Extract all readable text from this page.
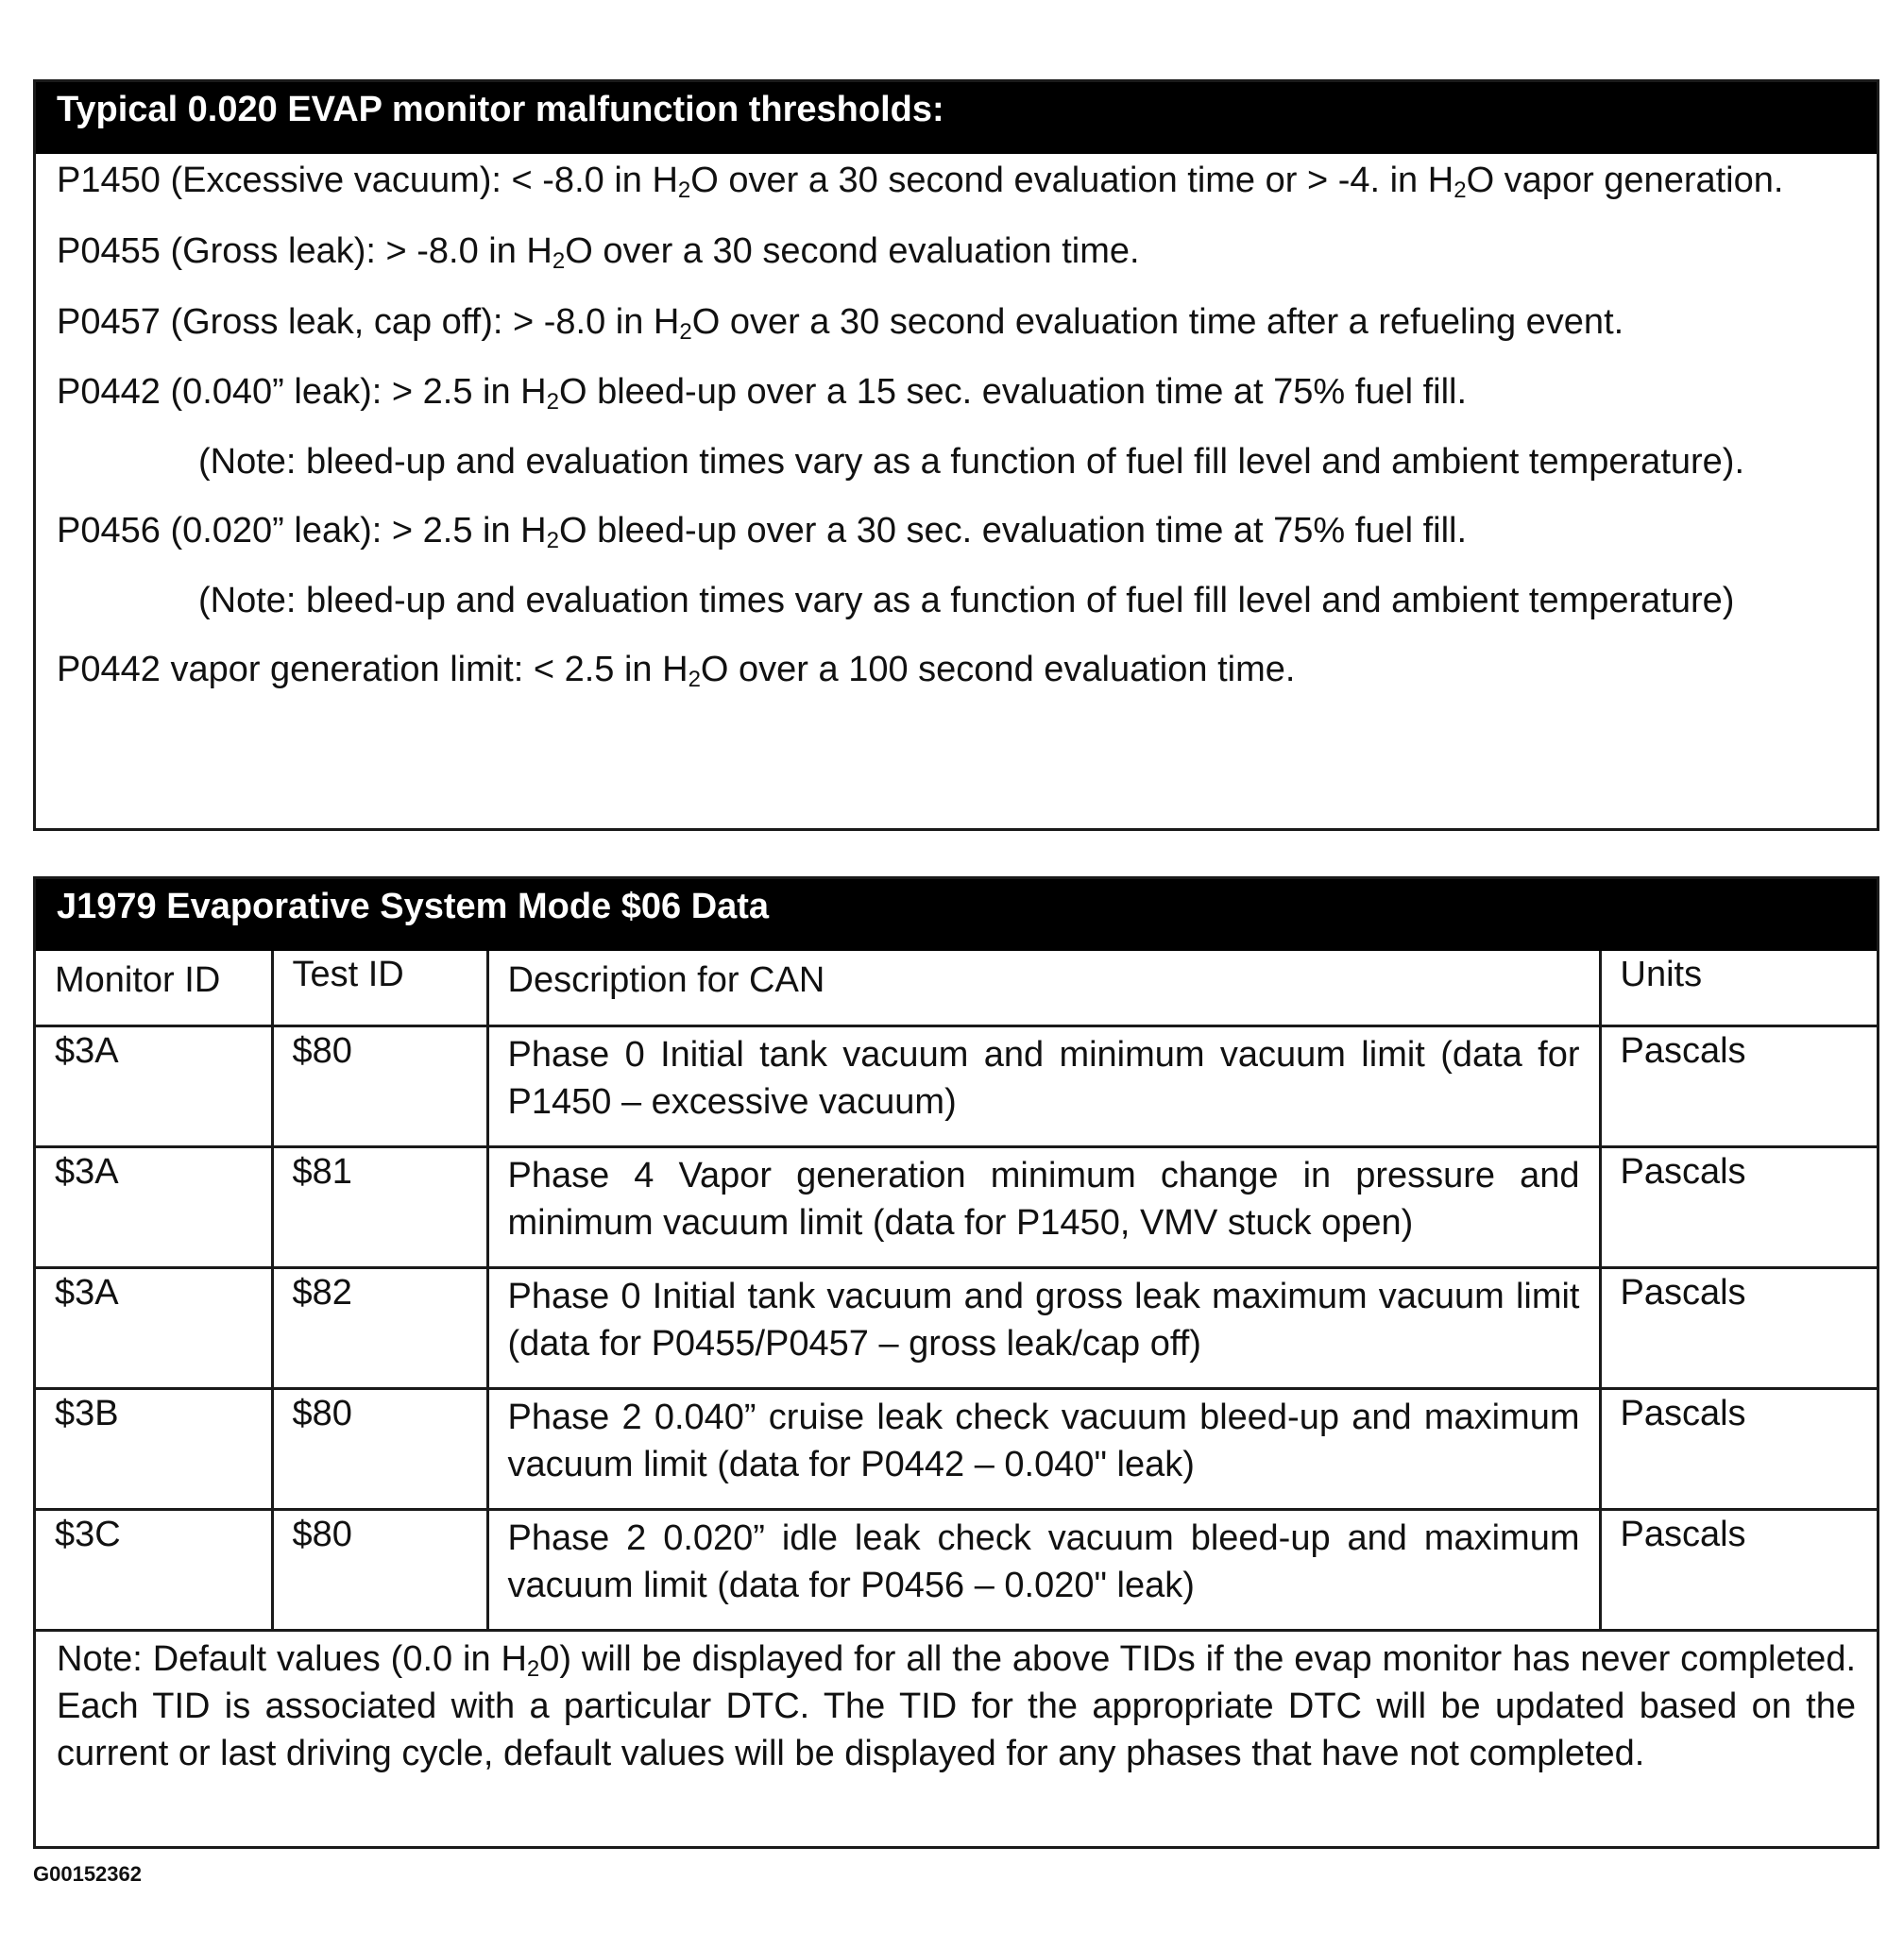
Typical 0.020 EVAP monitor malfunction thresholds:
P1450 (Excessive vacuum): < -8.0 in $H_2O$ over a 30 second evaluation time or > -4. in $H_2O$ vapor generation.
P0455 (Gross leak): > -8.0 in $H_2O$ over a 30 second evaluation time.
P0457 (Gross leak, cap off): > -8.0 in $H_2O$ over a 30 second evaluation time after a refueling event.
P0442 (0.040” leak): > 2.5 in $H_2O$ bleed-up over a 15 sec. evaluation time at 75% fuel fill.
(Note: bleed-up and evaluation times vary as a function of fuel fill level and ambient temperature).
P0456 (0.020” leak): > 2.5 in $H_2O$ bleed-up over a 30 sec. evaluation time at 75% fuel fill.
(Note: bleed-up and evaluation times vary as a function of fuel fill level and ambient temperature)
P0442 vapor generation limit: < 2.5 in $H_2O$ over a 100 second evaluation time.
J1979 Evaporative System Mode $06 Data
Monitor ID	Test ID	Description for CAN	Units
$3A	$80	Phase 0 Initial tank vacuum and minimum vacuum limit (data for P1450 – excessive vacuum)	Pascals
$3A	$81	Phase 4 Vapor generation minimum change in pressure and minimum vacuum limit (data for P1450, VMV stuck open)	Pascals
$3A	$82	Phase 0 Initial tank vacuum and gross leak maximum vacuum limit (data for P0455/P0457 – gross leak/cap off)	Pascals
$3B	$80	Phase 2 0.040” cruise leak check vacuum bleed-up and maximum vacuum limit (data for P0442 – 0.040" leak)	Pascals
$3C	$80	Phase 2 0.020” idle leak check vacuum bleed-up and maximum vacuum limit (data for P0456 – 0.020" leak)	Pascals
Note: Default values (0.0 in $H_20$) will be displayed for all the above TIDs if the evap monitor has never completed. Each TID is associated with a particular DTC. The TID for the appropriate DTC will be updated based on the current or last driving cycle, default values will be displayed for any phases that have not completed.
G00152362
